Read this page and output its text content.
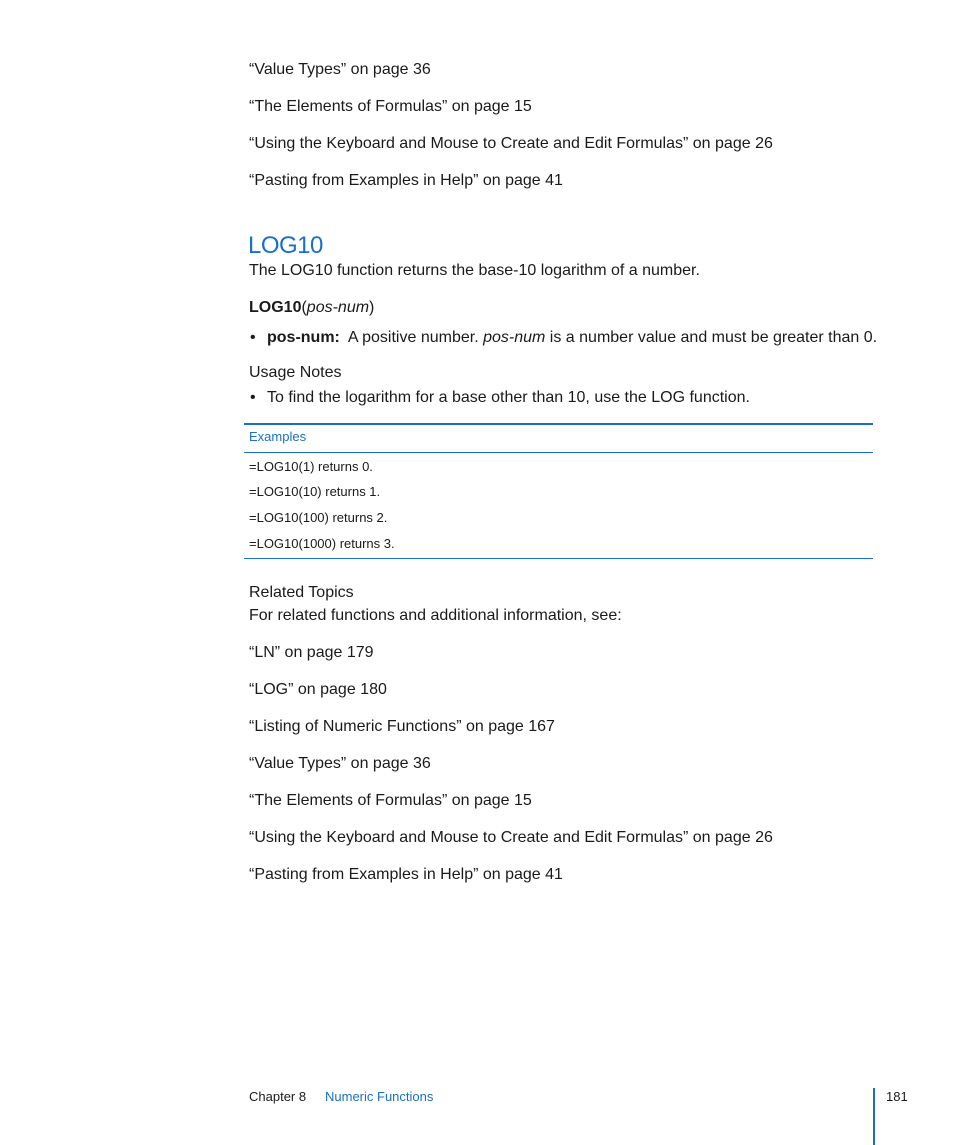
“Value Types” on page 36
“The Elements of Formulas” on page 15
“Using the Keyboard and Mouse to Create and Edit Formulas” on page 26
“Pasting from Examples in Help” on page 41
LOG10
The LOG10 function returns the base-10 logarithm of a number.
LOG10(pos-num)
• pos-num: A positive number. pos-num is a number value and must be greater than 0.
Usage Notes
• To find the logarithm for a base other than 10, use the LOG function.
Examples
=LOG10(1) returns 0.
=LOG10(10) returns 1.
=LOG10(100) returns 2.
=LOG10(1000) returns 3.
Related Topics
For related functions and additional information, see:
“LN” on page 179
“LOG” on page 180
“Listing of Numeric Functions” on page 167
“Value Types” on page 36
“The Elements of Formulas” on page 15
“Using the Keyboard and Mouse to Create and Edit Formulas” on page 26
“Pasting from Examples in Help” on page 41
Chapter 8 Numeric Functions	181
